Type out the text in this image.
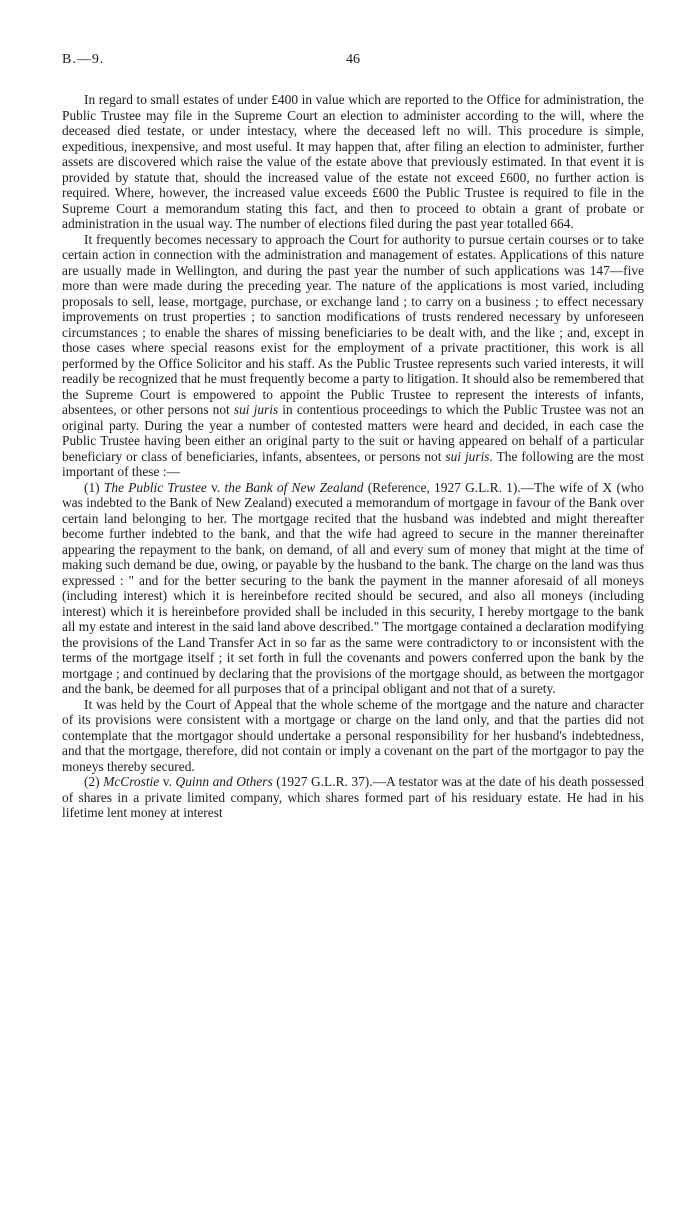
B.—9.	46

In regard to small estates of under £400 in value which are reported to the Office for administration, the Public Trustee may file in the Supreme Court an election to administer according to the will, where the deceased died testate, or under intestacy, where the deceased left no will. This procedure is simple, expeditious, inexpensive, and most useful. It may happen that, after filing an election to administer, further assets are discovered which raise the value of the estate above that previously estimated. In that event it is provided by statute that, should the increased value of the estate not exceed £600, no further action is required. Where, however, the increased value exceeds £600 the Public Trustee is required to file in the Supreme Court a memorandum stating this fact, and then to proceed to obtain a grant of probate or administration in the usual way. The number of elections filed during the past year totalled 664.

It frequently becomes necessary to approach the Court for authority to pursue certain courses or to take certain action in connection with the administration and management of estates. Applications of this nature are usually made in Wellington, and during the past year the number of such applications was 147—five more than were made during the preceding year. The nature of the applications is most varied, including proposals to sell, lease, mortgage, purchase, or exchange land ; to carry on a business ; to effect necessary improvements on trust properties ; to sanction modifications of trusts rendered necessary by unforeseen circumstances ; to enable the shares of missing beneficiaries to be dealt with, and the like ; and, except in those cases where special reasons exist for the employment of a private practitioner, this work is all performed by the Office Solicitor and his staff. As the Public Trustee represents such varied interests, it will readily be recognized that he must frequently become a party to litigation. It should also be remembered that the Supreme Court is empowered to appoint the Public Trustee to represent the interests of infants, absentees, or other persons not sui juris in contentious proceedings to which the Public Trustee was not an original party. During the year a number of contested matters were heard and decided, in each case the Public Trustee having been either an original party to the suit or having appeared on behalf of a particular beneficiary or class of beneficiaries, infants, absentees, or persons not sui juris. The following are the most important of these :—

(1) The Public Trustee v. the Bank of New Zealand (Reference, 1927 G.L.R. 1).—The wife of X (who was indebted to the Bank of New Zealand) executed a memorandum of mortgage in favour of the Bank over certain land belonging to her. The mortgage recited that the husband was indebted and might thereafter become further indebted to the bank, and that the wife had agreed to secure in the manner thereinafter appearing the repayment to the bank, on demand, of all and every sum of money that might at the time of making such demand be due, owing, or payable by the husband to the bank. The charge on the land was thus expressed : " and for the better securing to the bank the payment in the manner aforesaid of all moneys (including interest) which it is hereinbefore recited should be secured, and also all moneys (including interest) which it is hereinbefore provided shall be included in this security, I hereby mortgage to the bank all my estate and interest in the said land above described." The mortgage contained a declaration modifying the provisions of the Land Transfer Act in so far as the same were contradictory to or inconsistent with the terms of the mortgage itself ; it set forth in full the covenants and powers conferred upon the bank by the mortgage ; and continued by declaring that the provisions of the mortgage should, as between the mortgagor and the bank, be deemed for all purposes that of a principal obligant and not that of a surety.

It was held by the Court of Appeal that the whole scheme of the mortgage and the nature and character of its provisions were consistent with a mortgage or charge on the land only, and that the parties did not contemplate that the mortgagor should undertake a personal responsibility for her husband's indebtedness, and that the mortgage, therefore, did not contain or imply a covenant on the part of the mortgagor to pay the moneys thereby secured.

(2) McCrostie v. Quinn and Others (1927 G.L.R. 37).—A testator was at the date of his death possessed of shares in a private limited company, which shares formed part of his residuary estate. He had in his lifetime lent money at interest
